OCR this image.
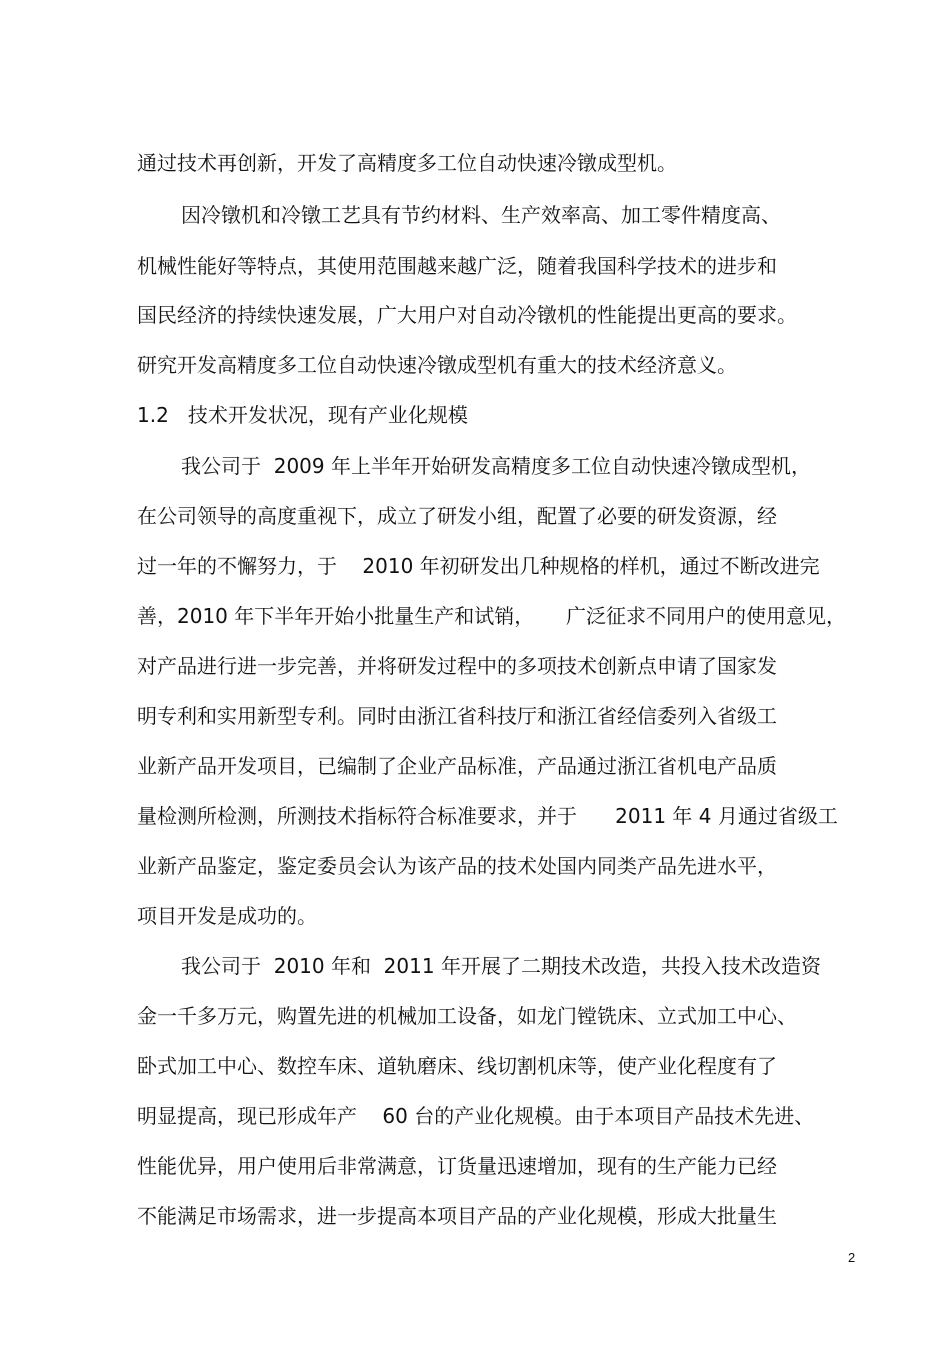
通过技术再创新，开发了高精度多工位自动快速冷镦成型机。
因冷镦机和冷镦工艺具有节约材料、生产效率高、加工零件精度高、
机械性能好等特点，其使用范围越来越广泛，随着我国科学技术的进步和
国民经济的持续快速发展，广大用户对自动冷镦机的性能提出更高的要求。
研究开发高精度多工位自动快速冷镦成型机有重大的技术经济意义。
1.2   技术开发状况，现有产业化规模
我公司于  2009 年上半年开始研发高精度多工位自动快速冷镦成型机，
在公司领导的高度重视下，成立了研发小组，配置了必要的研发资源，经
过一年的不懈努力，于    2010 年初研发出几种规格的样机，通过不断改进完
善，2010 年下半年开始小批量生产和试销，     广泛征求不同用户的使用意见，
对产品进行进一步完善，并将研发过程中的多项技术创新点申请了国家发
明专利和实用新型专利。同时由浙江省科技厅和浙江省经信委列入省级工
业新产品开发项目，已编制了企业产品标准，产品通过浙江省机电产品质
量检测所检测，所测技术指标符合标准要求，并于      2011 年 4 月通过省级工
业新产品鉴定，鉴定委员会认为该产品的技术处国内同类产品先进水平，
项目开发是成功的。
我公司于  2010 年和  2011 年开展了二期技术改造，共投入技术改造资
金一千多万元，购置先进的机械加工设备，如龙门镗铣床、立式加工中心、
卧式加工中心、数控车床、道轨磨床、线切割机床等，使产业化程度有了
明显提高，现已形成年产    60 台的产业化规模。由于本项目产品技术先进、
性能优异，用户使用后非常满意，订货量迅速增加，现有的生产能力已经
不能满足市场需求，进一步提高本项目产品的产业化规模，形成大批量生
2
